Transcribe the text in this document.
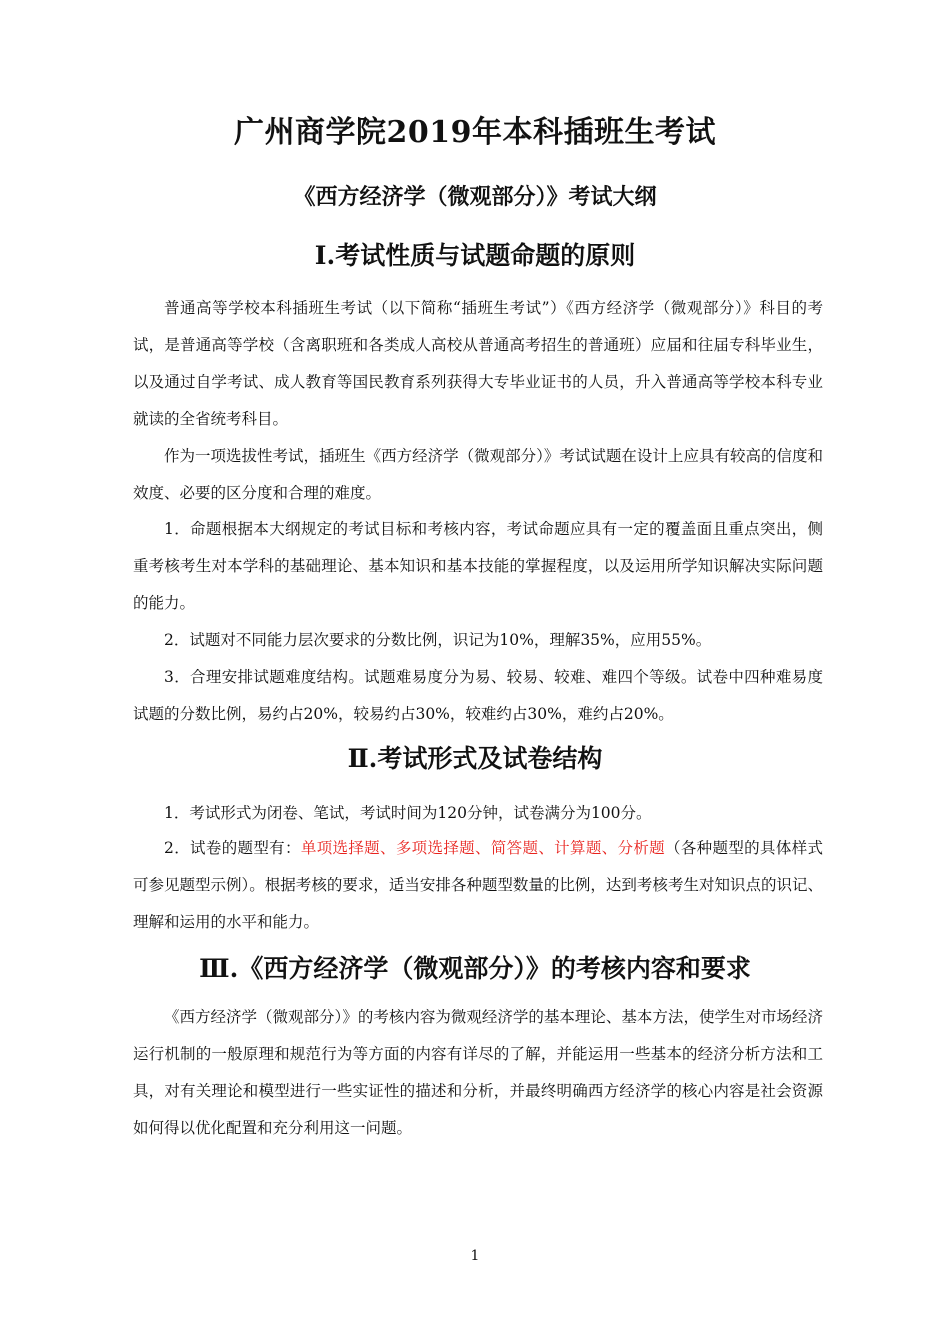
广州商学院2019年本科插班生考试
《西方经济学（微观部分）》考试大纲
Ⅰ.考试性质与试题命题的原则
普通高等学校本科插班生考试（以下简称“插班生考试”）《西方经济学（微观部分）》科目的考试，是普通高等学校（含离职班和各类成人高校从普通高考招生的普通班）应届和往届专科毕业生，以及通过自学考试、成人教育等国民教育系列获得大专毕业证书的人员，升入普通高等学校本科专业就读的全省统考科目。
作为一项选拔性考试，插班生《西方经济学（微观部分）》考试试题在设计上应具有较高的信度和效度、必要的区分度和合理的难度。
1．命题根据本大纲规定的考试目标和考核内容，考试命题应具有一定的覆盖面且重点突出，侧重考核考生对本学科的基础理论、基本知识和基本技能的掌握程度，以及运用所学知识解决实际问题的能力。
2．试题对不同能力层次要求的分数比例，识记为10%，理解35%，应用55%。
3．合理安排试题难度结构。试题难易度分为易、较易、较难、难四个等级。试卷中四种难易度试题的分数比例，易约占20%，较易约占30%，较难约占30%，难约占20%。
Ⅱ.考试形式及试卷结构
1．考试形式为闭卷、笔试，考试时间为120分钟，试卷满分为100分。
2．试卷的题型有：单项选择题、多项选择题、简答题、计算题、分析题（各种题型的具体样式可参见题型示例）。根据考核的要求，适当安排各种题型数量的比例，达到考核考生对知识点的识记、理解和运用的水平和能力。
Ⅲ.《西方经济学（微观部分）》的考核内容和要求
《西方经济学（微观部分）》的考核内容为微观经济学的基本理论、基本方法，使学生对市场经济运行机制的一般原理和规范行为等方面的内容有详尽的了解，并能运用一些基本的经济分析方法和工具，对有关理论和模型进行一些实证性的描述和分析，并最终明确西方经济学的核心内容是社会资源如何得以优化配置和充分利用这一问题。
1
